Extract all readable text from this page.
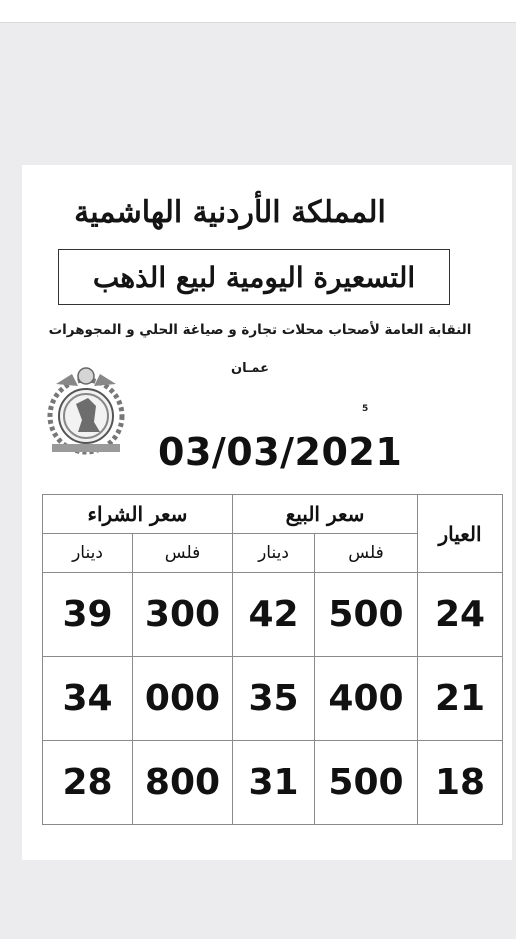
المملكة الأردنية الهاشمية
التسعيرة اليومية لبيع الذهب
النقابة العامة لأصحاب محلات تجارة و صياغة الحلي و المجوهرات
عمـان
5
03/03/2021
سعر الشراء		سعر البيع		العيار
دينار	فلس	دينار	فلس	
39	300	42	500	24
34	000	35	400	21
28	800	31	500	18
